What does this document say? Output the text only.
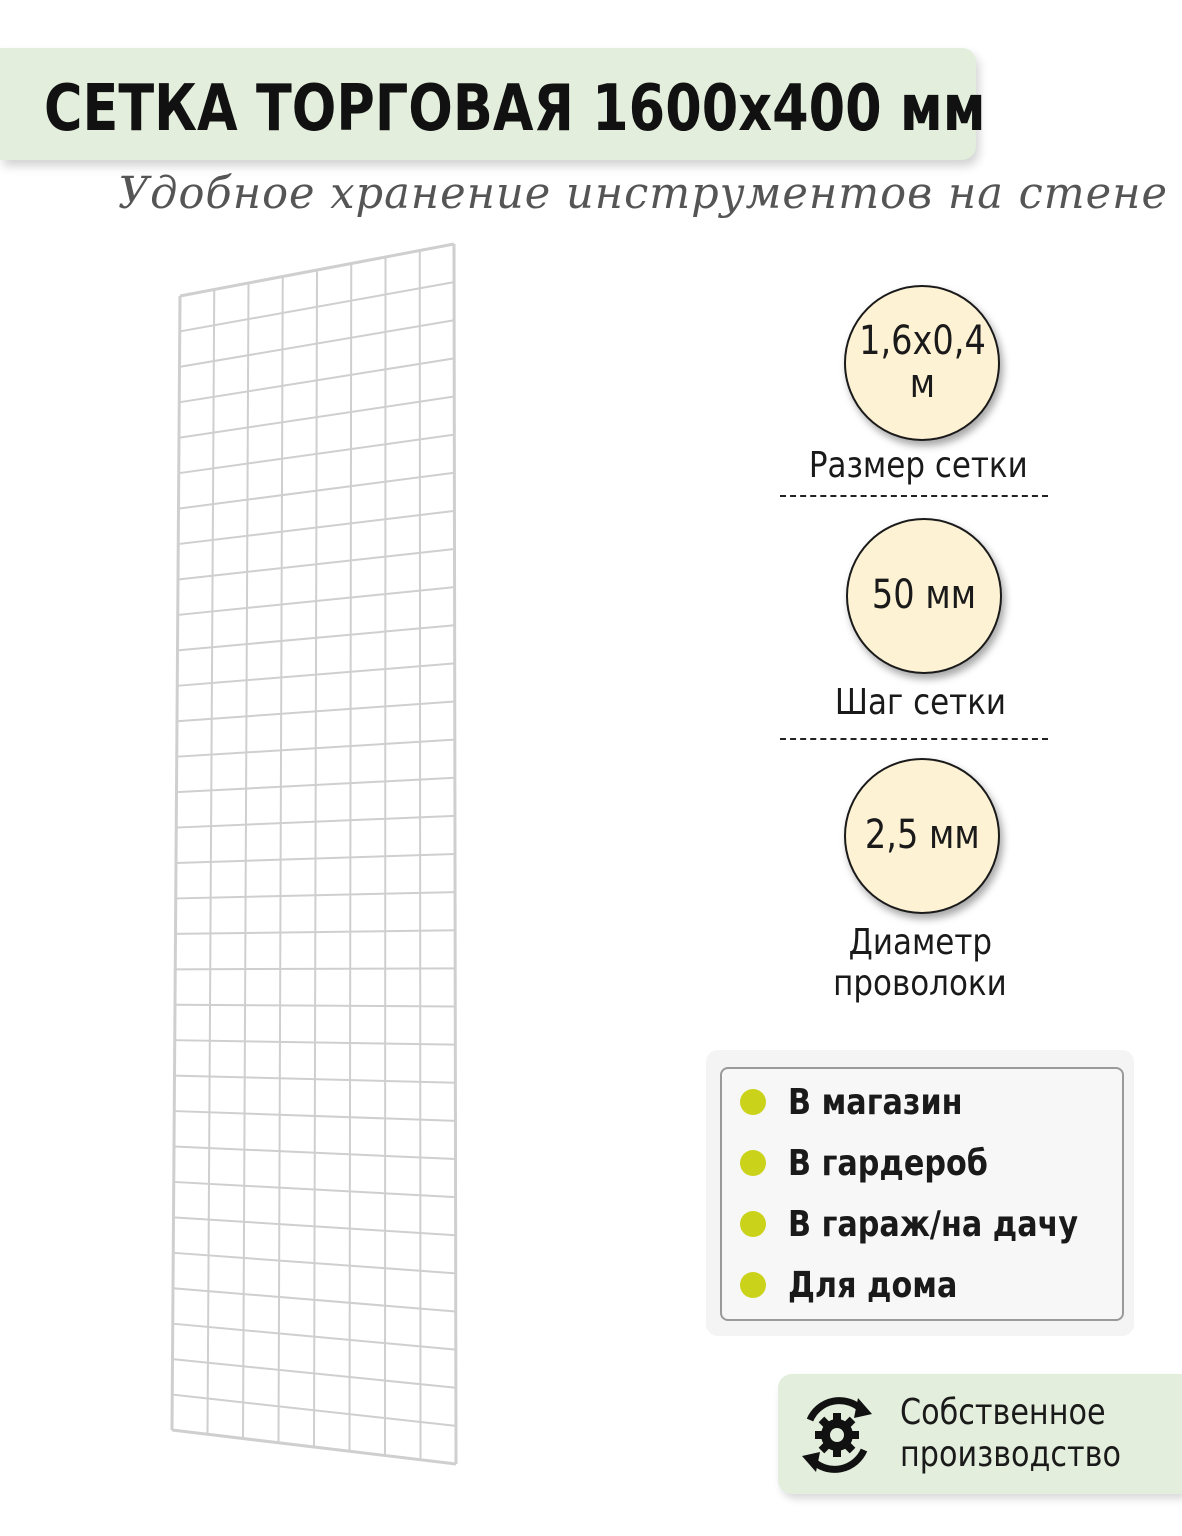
СЕТКА ТОРГОВАЯ 1600х400 мм
Удобное хранение инструментов на стене
1,6х0,4
м
Размер сетки
50 мм
Шаг сетки
2,5 мм
Диаметр
проволоки
В магазин
В гардероб
В гараж/на дачу
Для дома
Собственное
производство
